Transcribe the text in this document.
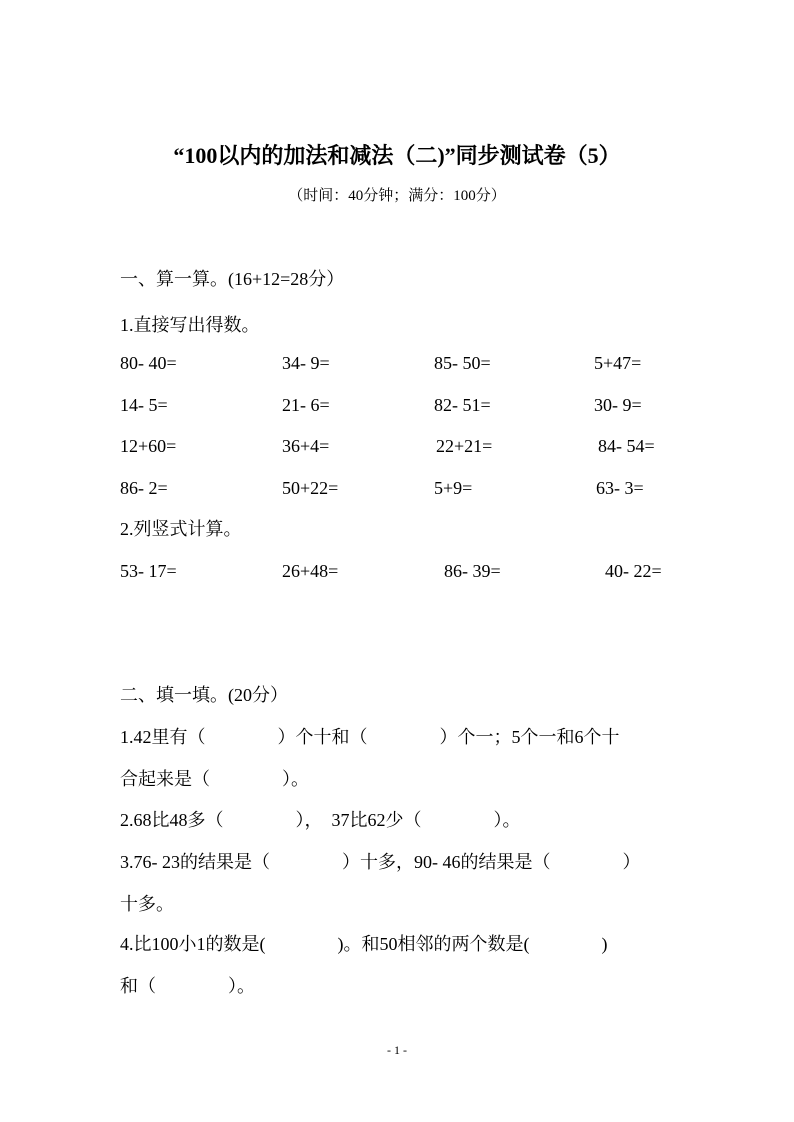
“100以内的加法和减法（二)”同步测试卷（5）
（时间：40分钟；满分：100分）
一、算一算。(16+12=28分）
1.直接写出得数。
80- 40=	34- 9=	85- 50=	5+47=
14- 5=	21- 6=	82- 51=	30- 9=
12+60=	36+4=	22+21=	84- 54=
86- 2=	50+22=	5+9=	63- 3=
2.列竖式计算。
53- 17=	26+48=	86- 39=	40- 22=
二、填一填。(20分）
1.42里有（　　　　）个十和（　　　　）个一；5个一和6个十
合起来是（　　　　）。
2.68比48多（　　　　），　37比62少（　　　　）。
3.76- 23的结果是（　　　　）十多，90- 46的结果是（　　　　）
十多。
4.比100小1的数是(　　　　)。和50相邻的两个数是(　　　　)
和（　　　　）。
- 1 -
